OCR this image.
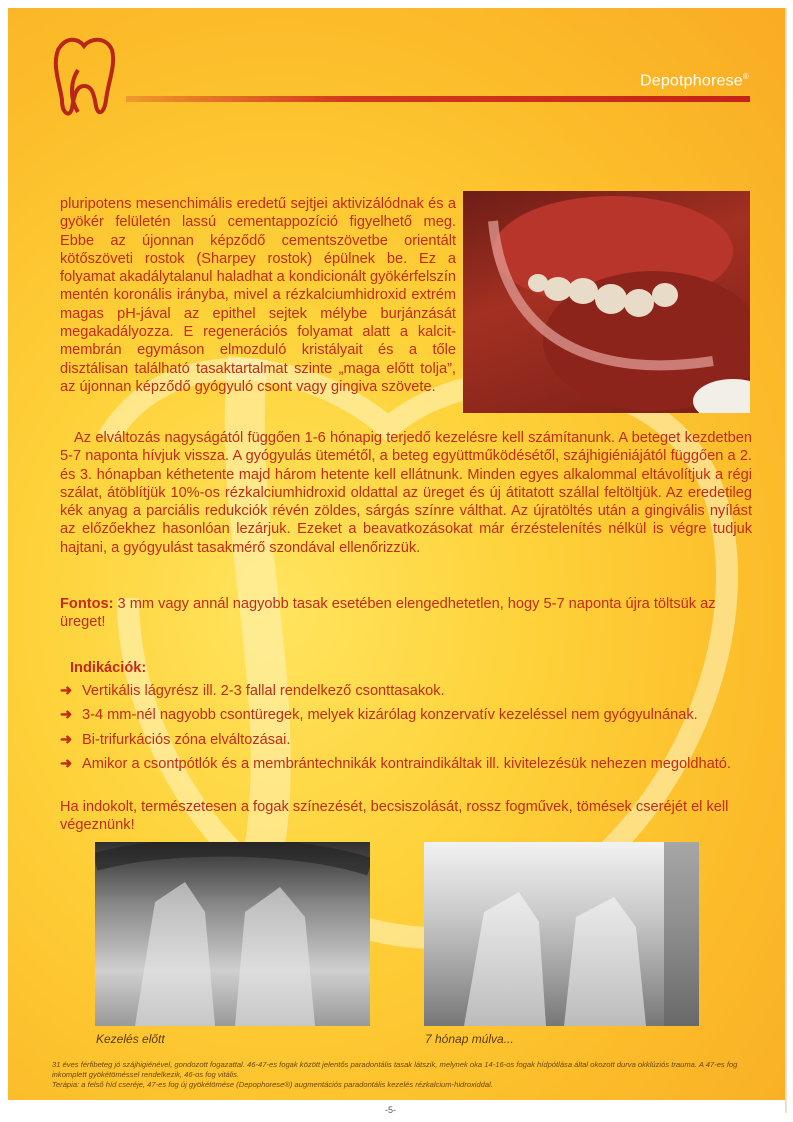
Depotphorese®
pluripotens mesenchimális eredetű sejtjei aktivizálódnak és a gyökér felületén lassú cementappozíció figyelhető meg. Ebbe az újonnan képződő cementszövetbe orientált kötőszöveti rostok (Sharpey rostok) épülnek be. Ez a folyamat akadálytalanul haladhat a kondicionált gyökérfelszín mentén koronális irányba, mivel a rézkalciumhidroxid extrém magas pH-jával az epithel sejtek mélybe burjánzását megakadályozza. E regenerációs folyamat alatt a kalcit-membrán egymáson elmozduló kristályait és a tőle disztálisan található tasaktartalmat szinte „maga előtt tolja”, az újonnan képződő gyógyuló csont vagy gingiva szövete.
Az elváltozás nagyságától függően 1-6 hónapig terjedő kezelésre kell számítanunk. A beteget kezdetben 5-7 naponta hívjuk vissza. A gyógyulás ütemétől, a beteg együttműködésétől, szájhigiéniájától függően a 2. és 3. hónapban kéthetente majd három hetente kell ellátnunk. Minden egyes alkalommal eltávolítjuk a régi szálat, átöblítjük 10%-os rézkalciumhidroxid oldattal az üreget és új átitatott szállal feltöltjük. Az eredetileg kék anyag a parciális redukciók révén zöldes, sárgás színre válthat. Az újratöltés után a gingivális nyílást az előzőekhez hasonlóan lezárjuk. Ezeket a beavatkozásokat már érzéstelenítés nélkül is végre tudjuk hajtani, a gyógyulást tasakmérő szondával ellenőrizzük.
Fontos: 3 mm vagy annál nagyobb tasak esetében elengedhetetlen, hogy 5-7 naponta újra töltsük az üreget!
Indikációk:
➜ Vertikális lágyrész ill. 2-3 fallal rendelkező csonttasakok.
➜ 3-4 mm-nél nagyobb csontüregek, melyek kizárólag konzervatív kezeléssel nem gyógyulnának.
➜ Bi-trifurkációs zóna elváltozásai.
➜ Amikor a csontpótlók és a membrántechnikák kontraindikáltak ill. kivitelezésük nehezen megoldható.
Ha indokolt, természetesen a fogak színezését, becsiszolását, rossz fogművek, tömések cseréjét el kell végeznünk!
Kezelés előtt	7 hónap múlva...
31 éves férfibeteg jó szájhigiénével, gondozott fogazattal. 46-47-es fogak között jelentős paradontális tasak látszik, melynek oka 14-16-os fogak hídpótlása által okozott durva okklúziós trauma. A 47-es fog inkomplett gyökétöméssel rendelkezik, 46-os fog vitális.
Terápia: a felső híd cseréje, 47-es fog új gyökétömése (Depophorese®) augmentációs paradontális kezelés rézkalcium-hidroxiddal.
-5-
